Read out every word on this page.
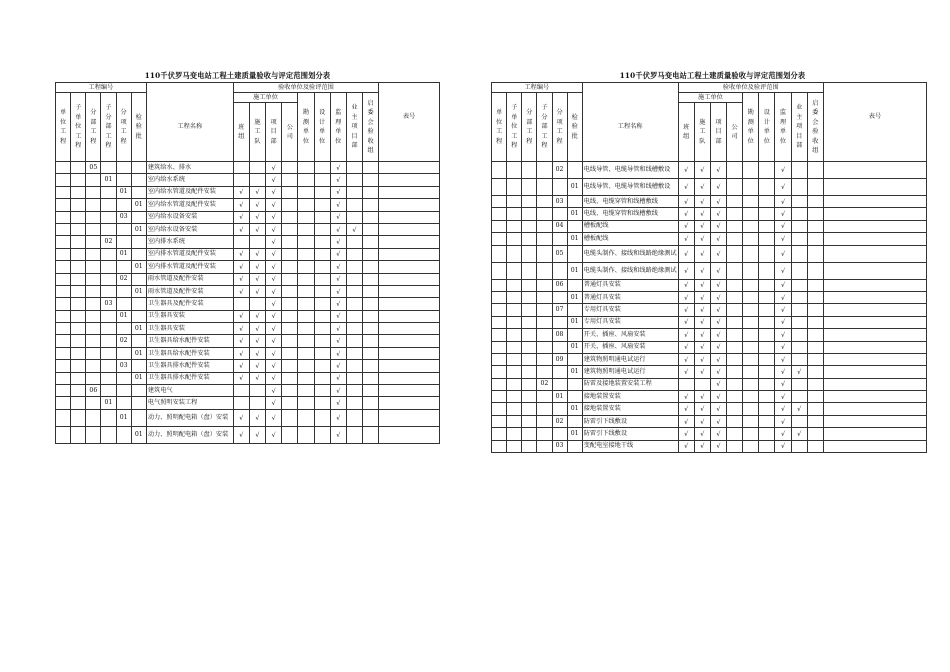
110千伏罗马变电站工程土建质量验收与评定范围划分表
工程编号							验收单位及验评范围									

单位工程	子单位工程	分部工程	子分部工程	分项工程	检验批	工程名称	施工单位				勘测单位	设计单位	监理单位	业主项目部	启委会验收组	表号

							班组	施工队	项目部	公司						

		05				建筑给水、排水			√				√			
			01			室内给水系统			√				√			
				01		室内给水管道及配件安装	√	√	√				√			
					01	室内给水管道及配件安装	√	√	√				√			
				03		室内给水设备安装	√	√	√				√			
					01	室内给水设备安装	√	√	√				√	√		
			02			室内排水系统			√				√			
				01		室内排水管道及配件安装	√	√	√				√			
					01	室内排水管道及配件安装	√	√	√				√			
				02		雨水管道及配件安装	√	√	√				√			
					01	雨水管道及配件安装	√	√	√				√			
			03			卫生器具及配件安装			√				√			
				01		卫生器具安装	√	√	√				√			
					01	卫生器具安装	√	√	√				√			
				02		卫生器具给水配件安装	√	√	√				√			
					01	卫生器具给水配件安装	√	√	√				√			
				03		卫生器具排水配件安装	√	√	√				√			
					01	卫生器具排水配件安装	√	√	√				√			
		06				建筑电气			√				√			
			01			电气照明安装工程			√				√			
				01		动力、照明配电箱（盘）安装	√	√	√				√			
					01	动力、照明配电箱（盘）安装	√	√	√				√			
110千伏罗马变电站工程土建质量验收与评定范围划分表
工程编号							验收单位及验评范围									

单位工程	子单位工程	分部工程	子分部工程	分项工程	检验批	工程名称	施工单位				勘测单位	设计单位	监理单位	业主项目部	启委会验收组	表号

							班组	施工队	项目部	公司						

				02		电线导管、电缆导管和线槽敷设	√	√	√				√			
					01	电线导管、电缆导管和线槽敷设	√	√	√				√			
				03		电线、电缆穿管和线槽敷线	√	√	√				√			
					01	电线、电缆穿管和线槽敷线	√	√	√				√			
				04		槽板配线	√	√	√				√			
					01	槽板配线	√	√	√				√			
				05		电缆头制作、接线和线路绝缘测试	√	√	√				√			
					01	电缆头制作、接线和线路绝缘测试	√	√	√				√			
				06		普通灯具安装	√	√	√				√			
					01	普通灯具安装	√	√	√				√			
				07		专用灯具安装	√	√	√				√			
					01	专用灯具安装	√	√	√				√			
				08		开关、插座、风扇安装	√	√	√				√			
					01	开关、插座、风扇安装	√	√	√				√			
				09		建筑物照明通电试运行	√	√	√				√			
					01	建筑物照明通电试运行	√	√	√				√	√		
			02			防雷及接地装置安装工程			√				√			
				01		接地装置安装	√	√	√				√			
					01	接地装置安装	√	√	√				√	√		
				02		防雷引下线敷设	√	√	√				√			
					01	防雷引下线敷设	√	√	√				√	√		
				03		变配电室接地干线	√	√	√				√			
